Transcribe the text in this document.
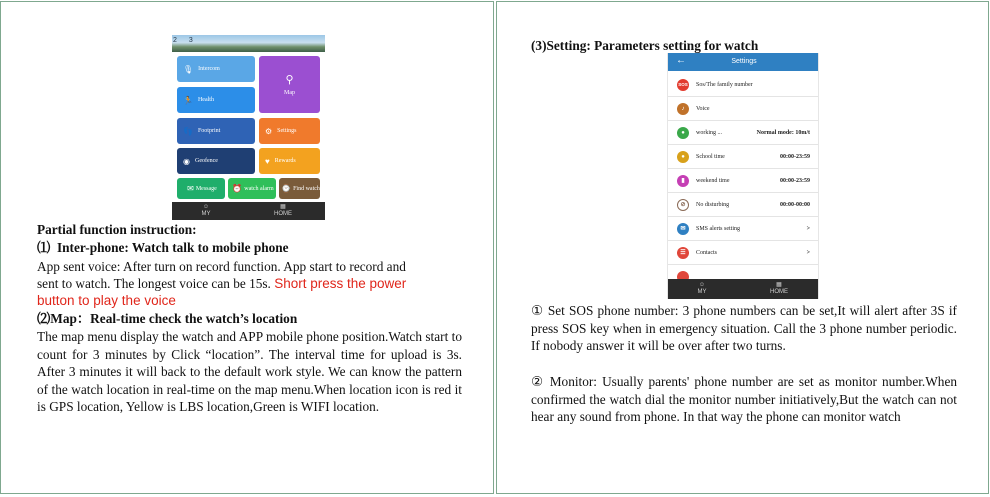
2 3
🎙 Intercom
⚲
Map
🏃 Health
👣 Footprint	⚙ Settings
◉ Geofence	♥ Rewards
✉ Message ⏰ watch alarm ⌚ Find watch
☺
MY
▦
HOME
Partial function instruction:
⑴ Inter-phone: Watch talk to mobile phone
App sent voice: After turn on record function. App start to record and
sent to watch. The longest voice can be 15s. Short press the power
button to play the voice
⑵Map：Real-time check the watch’s location
The map menu display the watch and APP mobile phone position.Watch start to count for 3 minutes by Click “location”. The interval time for upload is 3s. After 3 minutes it will back to the default work style. We can know the pattern of the watch location in real-time on the map menu.When location icon is red it is GPS location, Yellow is LBS location,Green is WIFI location.
(3)Setting: Parameters setting for watch
←	Settings
SOS Sos/The family number
♪	Voice
●	working ...	Normal mode: 10m/t
●	School time	00:00-23:59
▮	weekend time	00:00-23:59
⊘	No disturbing	00:00-00:00
✉	SMS alerts setting	>
☰	Contacts	>
☺
MY
▦
HOME
① Set SOS phone number: 3 phone numbers can be set,It will alert after 3S if press SOS key when in emergency situation. Call the 3 phone number periodic. If nobody answer it will be over after two turns.
② Monitor: Usually parents' phone number are set as monitor number.When confirmed the watch dial the monitor number initiatively,But the watch can not hear any sound from phone. In that way the phone can monitor watch
